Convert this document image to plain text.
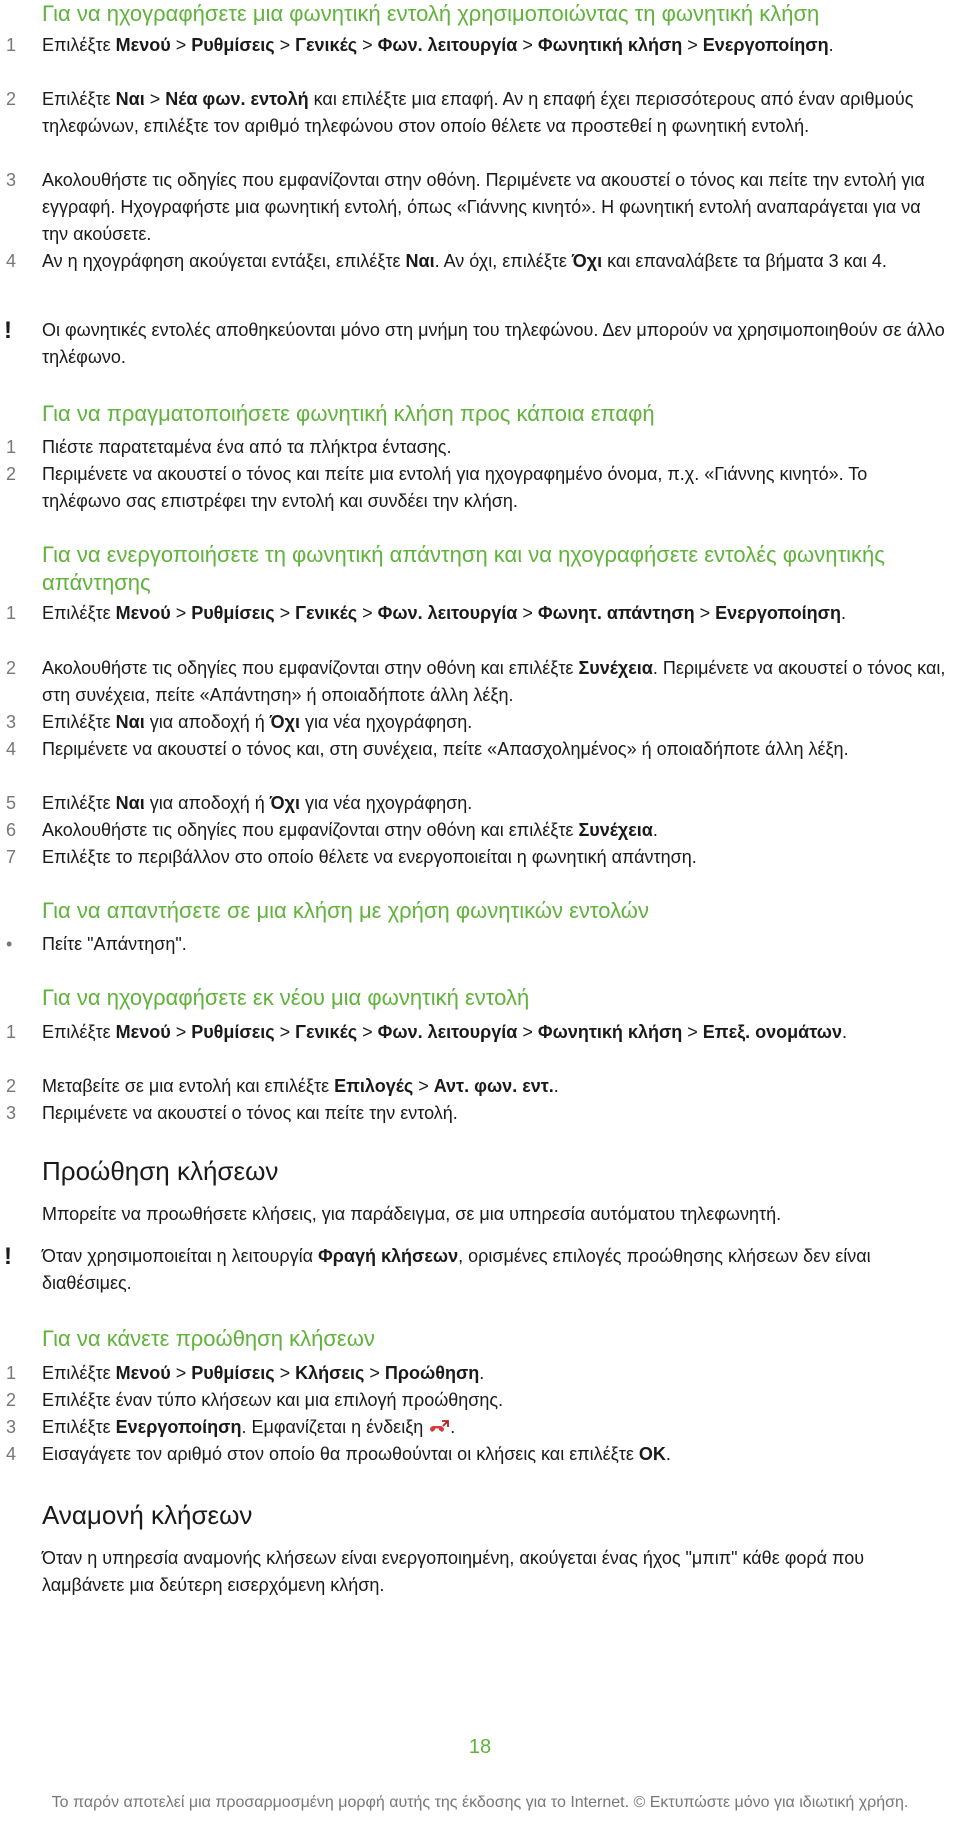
Για να ηχογραφήσετε μια φωνητική εντολή χρησιμοποιώντας τη φωνητική κλήση
1	Επιλέξτε Μενού > Ρυθμίσεις > Γενικές > Φων. λειτουργία > Φωνητική κλήση > Ενεργοποίηση.
2	Επιλέξτε Ναι > Νέα φων. εντολή και επιλέξτε μια επαφή. Αν η επαφή έχει περισσότερους από έναν αριθμούς τηλεφώνων, επιλέξτε τον αριθμό τηλεφώνου στον οποίο θέλετε να προστεθεί η φωνητική εντολή.
3	Ακολουθήστε τις οδηγίες που εμφανίζονται στην οθόνη. Περιμένετε να ακουστεί ο τόνος και πείτε την εντολή για εγγραφή. Ηχογραφήστε μια φωνητική εντολή, όπως «Γιάννης κινητό». Η φωνητική εντολή αναπαράγεται για να την ακούσετε.
4	Αν η ηχογράφηση ακούγεται εντάξει, επιλέξτε Ναι. Αν όχι, επιλέξτε Όχι και επαναλάβετε τα βήματα 3 και 4.
!	Οι φωνητικές εντολές αποθηκεύονται μόνο στη μνήμη του τηλεφώνου. Δεν μπορούν να χρησιμοποιηθούν σε άλλο τηλέφωνο.
Για να πραγματοποιήσετε φωνητική κλήση προς κάποια επαφή
1	Πιέστε παρατεταμένα ένα από τα πλήκτρα έντασης.
2	Περιμένετε να ακουστεί ο τόνος και πείτε μια εντολή για ηχογραφημένο όνομα, π.χ. «Γιάννης κινητό». Το τηλέφωνο σας επιστρέφει την εντολή και συνδέει την κλήση.
Για να ενεργοποιήσετε τη φωνητική απάντηση και να ηχογραφήσετε εντολές φωνητικής απάντησης
1	Επιλέξτε Μενού > Ρυθμίσεις > Γενικές > Φων. λειτουργία > Φωνητ. απάντηση > Ενεργοποίηση.
2	Ακολουθήστε τις οδηγίες που εμφανίζονται στην οθόνη και επιλέξτε Συνέχεια. Περιμένετε να ακουστεί ο τόνος και, στη συνέχεια, πείτε «Απάντηση» ή οποιαδήποτε άλλη λέξη.
3	Επιλέξτε Ναι για αποδοχή ή Όχι για νέα ηχογράφηση.
4	Περιμένετε να ακουστεί ο τόνος και, στη συνέχεια, πείτε «Απασχολημένος» ή οποιαδήποτε άλλη λέξη.
5	Επιλέξτε Ναι για αποδοχή ή Όχι για νέα ηχογράφηση.
6	Ακολουθήστε τις οδηγίες που εμφανίζονται στην οθόνη και επιλέξτε Συνέχεια.
7	Επιλέξτε το περιβάλλον στο οποίο θέλετε να ενεργοποιείται η φωνητική απάντηση.
Για να απαντήσετε σε μια κλήση με χρήση φωνητικών εντολών
•	Πείτε "Απάντηση".
Για να ηχογραφήσετε εκ νέου μια φωνητική εντολή
1	Επιλέξτε Μενού > Ρυθμίσεις > Γενικές > Φων. λειτουργία > Φωνητική κλήση > Επεξ. ονομάτων.
2	Μεταβείτε σε μια εντολή και επιλέξτε Επιλογές > Αντ. φων. εντ..
3	Περιμένετε να ακουστεί ο τόνος και πείτε την εντολή.
Προώθηση κλήσεων

Μπορείτε να προωθήσετε κλήσεις, για παράδειγμα, σε μια υπηρεσία αυτόματου τηλεφωνητή.

!	Όταν χρησιμοποιείται η λειτουργία Φραγή κλήσεων, ορισμένες επιλογές προώθησης κλήσεων δεν είναι διαθέσιμες.
Για να κάνετε προώθηση κλήσεων
1	Επιλέξτε Μενού > Ρυθμίσεις > Κλήσεις > Προώθηση.
2	Επιλέξτε έναν τύπο κλήσεων και μια επιλογή προώθησης.
3	Επιλέξτε Ενεργοποίηση. Εμφανίζεται η ένδειξη .
4	Εισαγάγετε τον αριθμό στον οποίο θα προωθούνται οι κλήσεις και επιλέξτε OK.
Αναμονή κλήσεων

Όταν η υπηρεσία αναμονής κλήσεων είναι ενεργοποιημένη, ακούγεται ένας ήχος "μπιπ" κάθε φορά που λαμβάνετε μια δεύτερη εισερχόμενη κλήση.

18
Το παρόν αποτελεί μια προσαρμοσμένη μορφή αυτής της έκδοσης για το Internet. © Εκτυπώστε μόνο για ιδιωτική χρήση.
